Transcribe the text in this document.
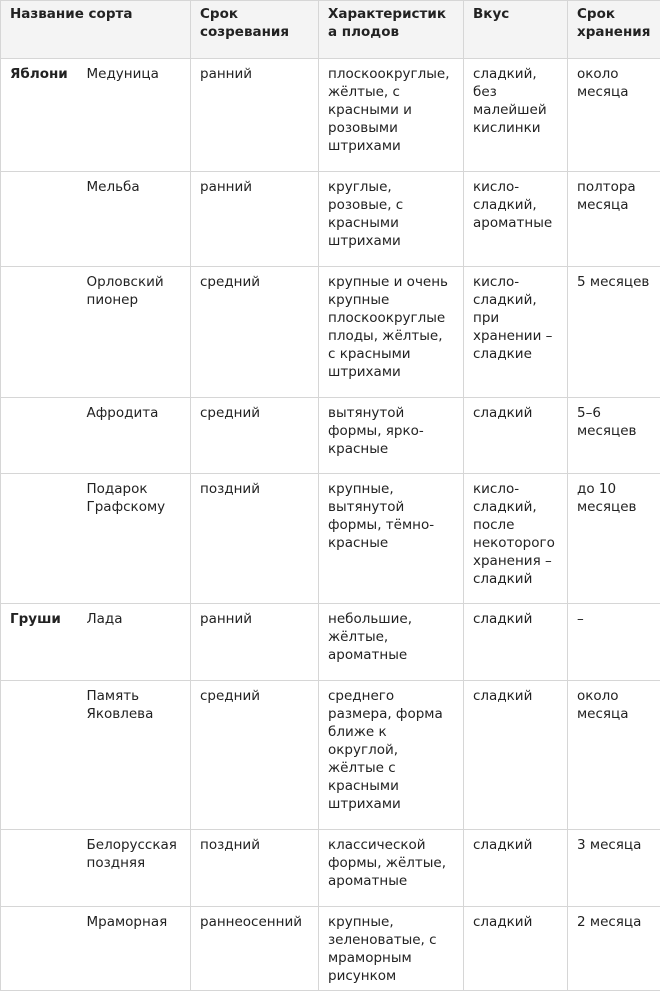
Название сорта		Срок созревания	Характеристика плодов	Вкус	Срок хранения
Яблони	Медуница	ранний	плоскоокруглые, жёлтые, с красными и розовыми штрихами	сладкий, без малейшей кислинки	около месяца
	Мельба	ранний	круглые, розовые, с красными штрихами	кисло-сладкий, ароматные	полтора месяца
	Орловский пионер	средний	крупные и очень крупные плоскоокруглые плоды, жёлтые, с красными штрихами	кисло-сладкий, при хранении – сладкие	5 месяцев
	Афродита	средний	вытянутой формы, ярко-красные	сладкий	5–6 месяцев
	Подарок Графскому	поздний	крупные, вытянутой формы, тёмно-красные	кисло-сладкий, после некоторого хранения – сладкий	до 10 месяцев
Груши	Лада	ранний	небольшие, жёлтые, ароматные	сладкий	–
	Память Яковлева	средний	среднего размера, форма ближе к округлой, жёлтые с красными штрихами	сладкий	около месяца
	Белорусская поздняя	поздний	классической формы, жёлтые, ароматные	сладкий	3 месяца
	Мраморная	раннеосенний	крупные, зеленоватые, с мраморным рисунком	сладкий	2 месяца
